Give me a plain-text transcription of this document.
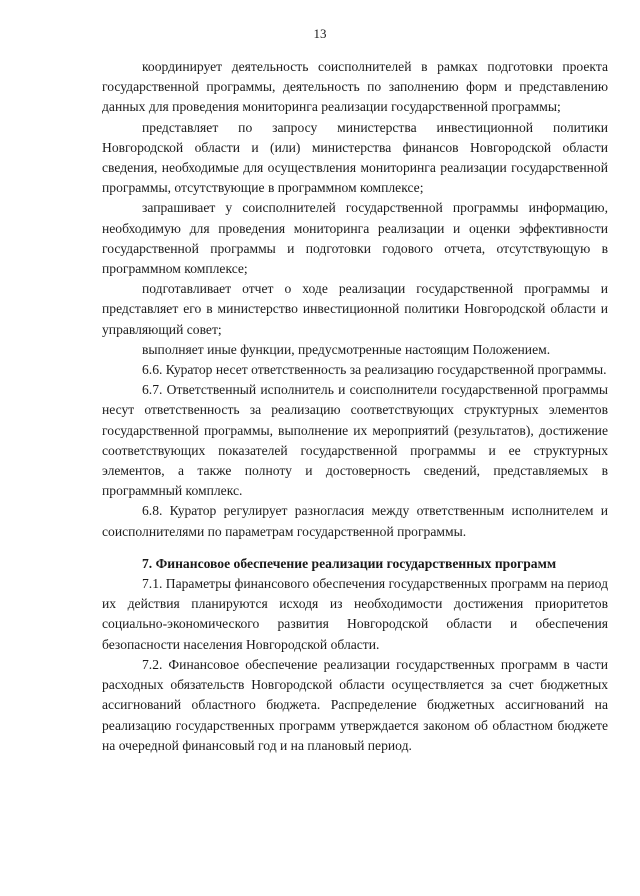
13

координирует деятельность соисполнителей в рамках подготовки проекта государственной программы, деятельность по заполнению форм и представлению данных для проведения мониторинга реализации государственной программы;

представляет по запросу министерства инвестиционной политики Новгородской области и (или) министерства финансов Новгородской области сведения, необходимые для осуществления мониторинга реализации государственной программы, отсутствующие в программном комплексе;

запрашивает у соисполнителей государственной программы информацию, необходимую для проведения мониторинга реализации и оценки эффективности государственной программы и подготовки годового отчета, отсутствующую в программном комплексе;

подготавливает отчет о ходе реализации государственной программы и представляет его в министерство инвестиционной политики Новгородской области и управляющий совет;

выполняет иные функции, предусмотренные настоящим Положением.

6.6. Куратор несет ответственность за реализацию государственной программы.

6.7. Ответственный исполнитель и соисполнители государственной программы несут ответственность за реализацию соответствующих структурных элементов государственной программы, выполнение их мероприятий (результатов), достижение соответствующих показателей государственной программы и ее структурных элементов, а также полноту и достоверность сведений, представляемых в программный комплекс.

6.8. Куратор регулирует разногласия между ответственным исполнителем и соисполнителями по параметрам государственной программы.

7. Финансовое обеспечение реализации государственных программ

7.1. Параметры финансового обеспечения государственных программ на период их действия планируются исходя из необходимости достижения приоритетов социально-экономического развития Новгородской области и обеспечения безопасности населения Новгородской области.

7.2. Финансовое обеспечение реализации государственных программ в части расходных обязательств Новгородской области осуществляется за счет бюджетных ассигнований областного бюджета. Распределение бюджетных ассигнований на реализацию государственных программ утверждается законом об областном бюджете на очередной финансовый год и на плановый период.
